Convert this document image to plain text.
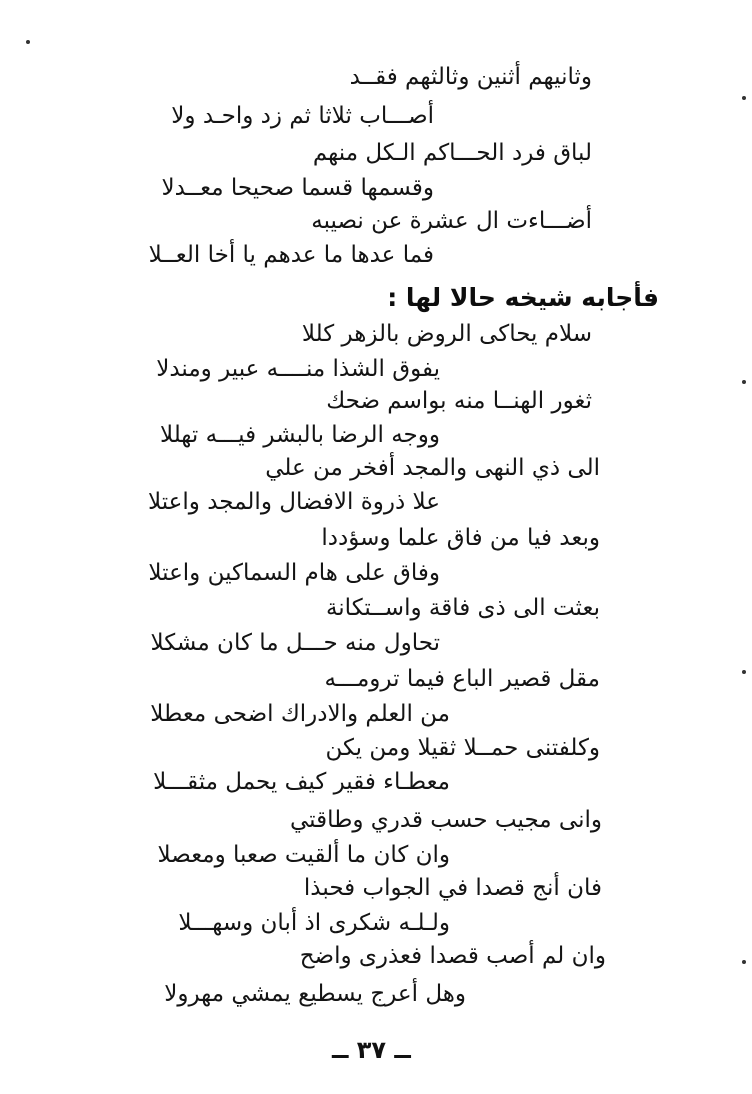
وثانيهم أثنين وثالثهم فقــد
أصـــاب ثلاثا ثم زد واحـد ولا
لباق فرد الحـــاكم الـكل منهم
وقسمها قسما صحيحا معــدلا
أضـــاءت ال عشرة عن نصيبه
فما عدها ما عدهم يا أخا العــلا
فأجابه شيخه حالا لها :
سلام يحاكى الروض بالزهر كللا
يفوق الشذا منــــه عبير ومندلا
ثغور الهنــا منه بواسم ضحك
ووجه الرضا بالبشر فيـــه تهللا
الى ذي النهى والمجد أفخر من علي
علا ذروة الافضال والمجد واعتلا
وبعد فيا من فاق علما وسؤددا
وفاق على هام السماكين واعتلا
بعثت الى ذى فاقة واســتكانة
تحاول منه حـــل ما كان مشكلا
مقل قصير الباع فيما ترومـــه
من العلم والادراك اضحى معطلا
وكلفتنى حمــلا ثقيلا ومن يكن
معطـاء فقير كيف يحمل مثقـــلا
وانى مجيب حسب قدري وطاقتي
وان كان ما ألقيت صعبا ومعصلا
فان أنج قصدا في الجواب فحبذا
ولـلـه شكرى اذ أبان وسهـــلا
وان لم أصب قصدا فعذرى واضح
وهل أعرج يسطيع يمشي مهرولا
ــ ٣٧ ــ
